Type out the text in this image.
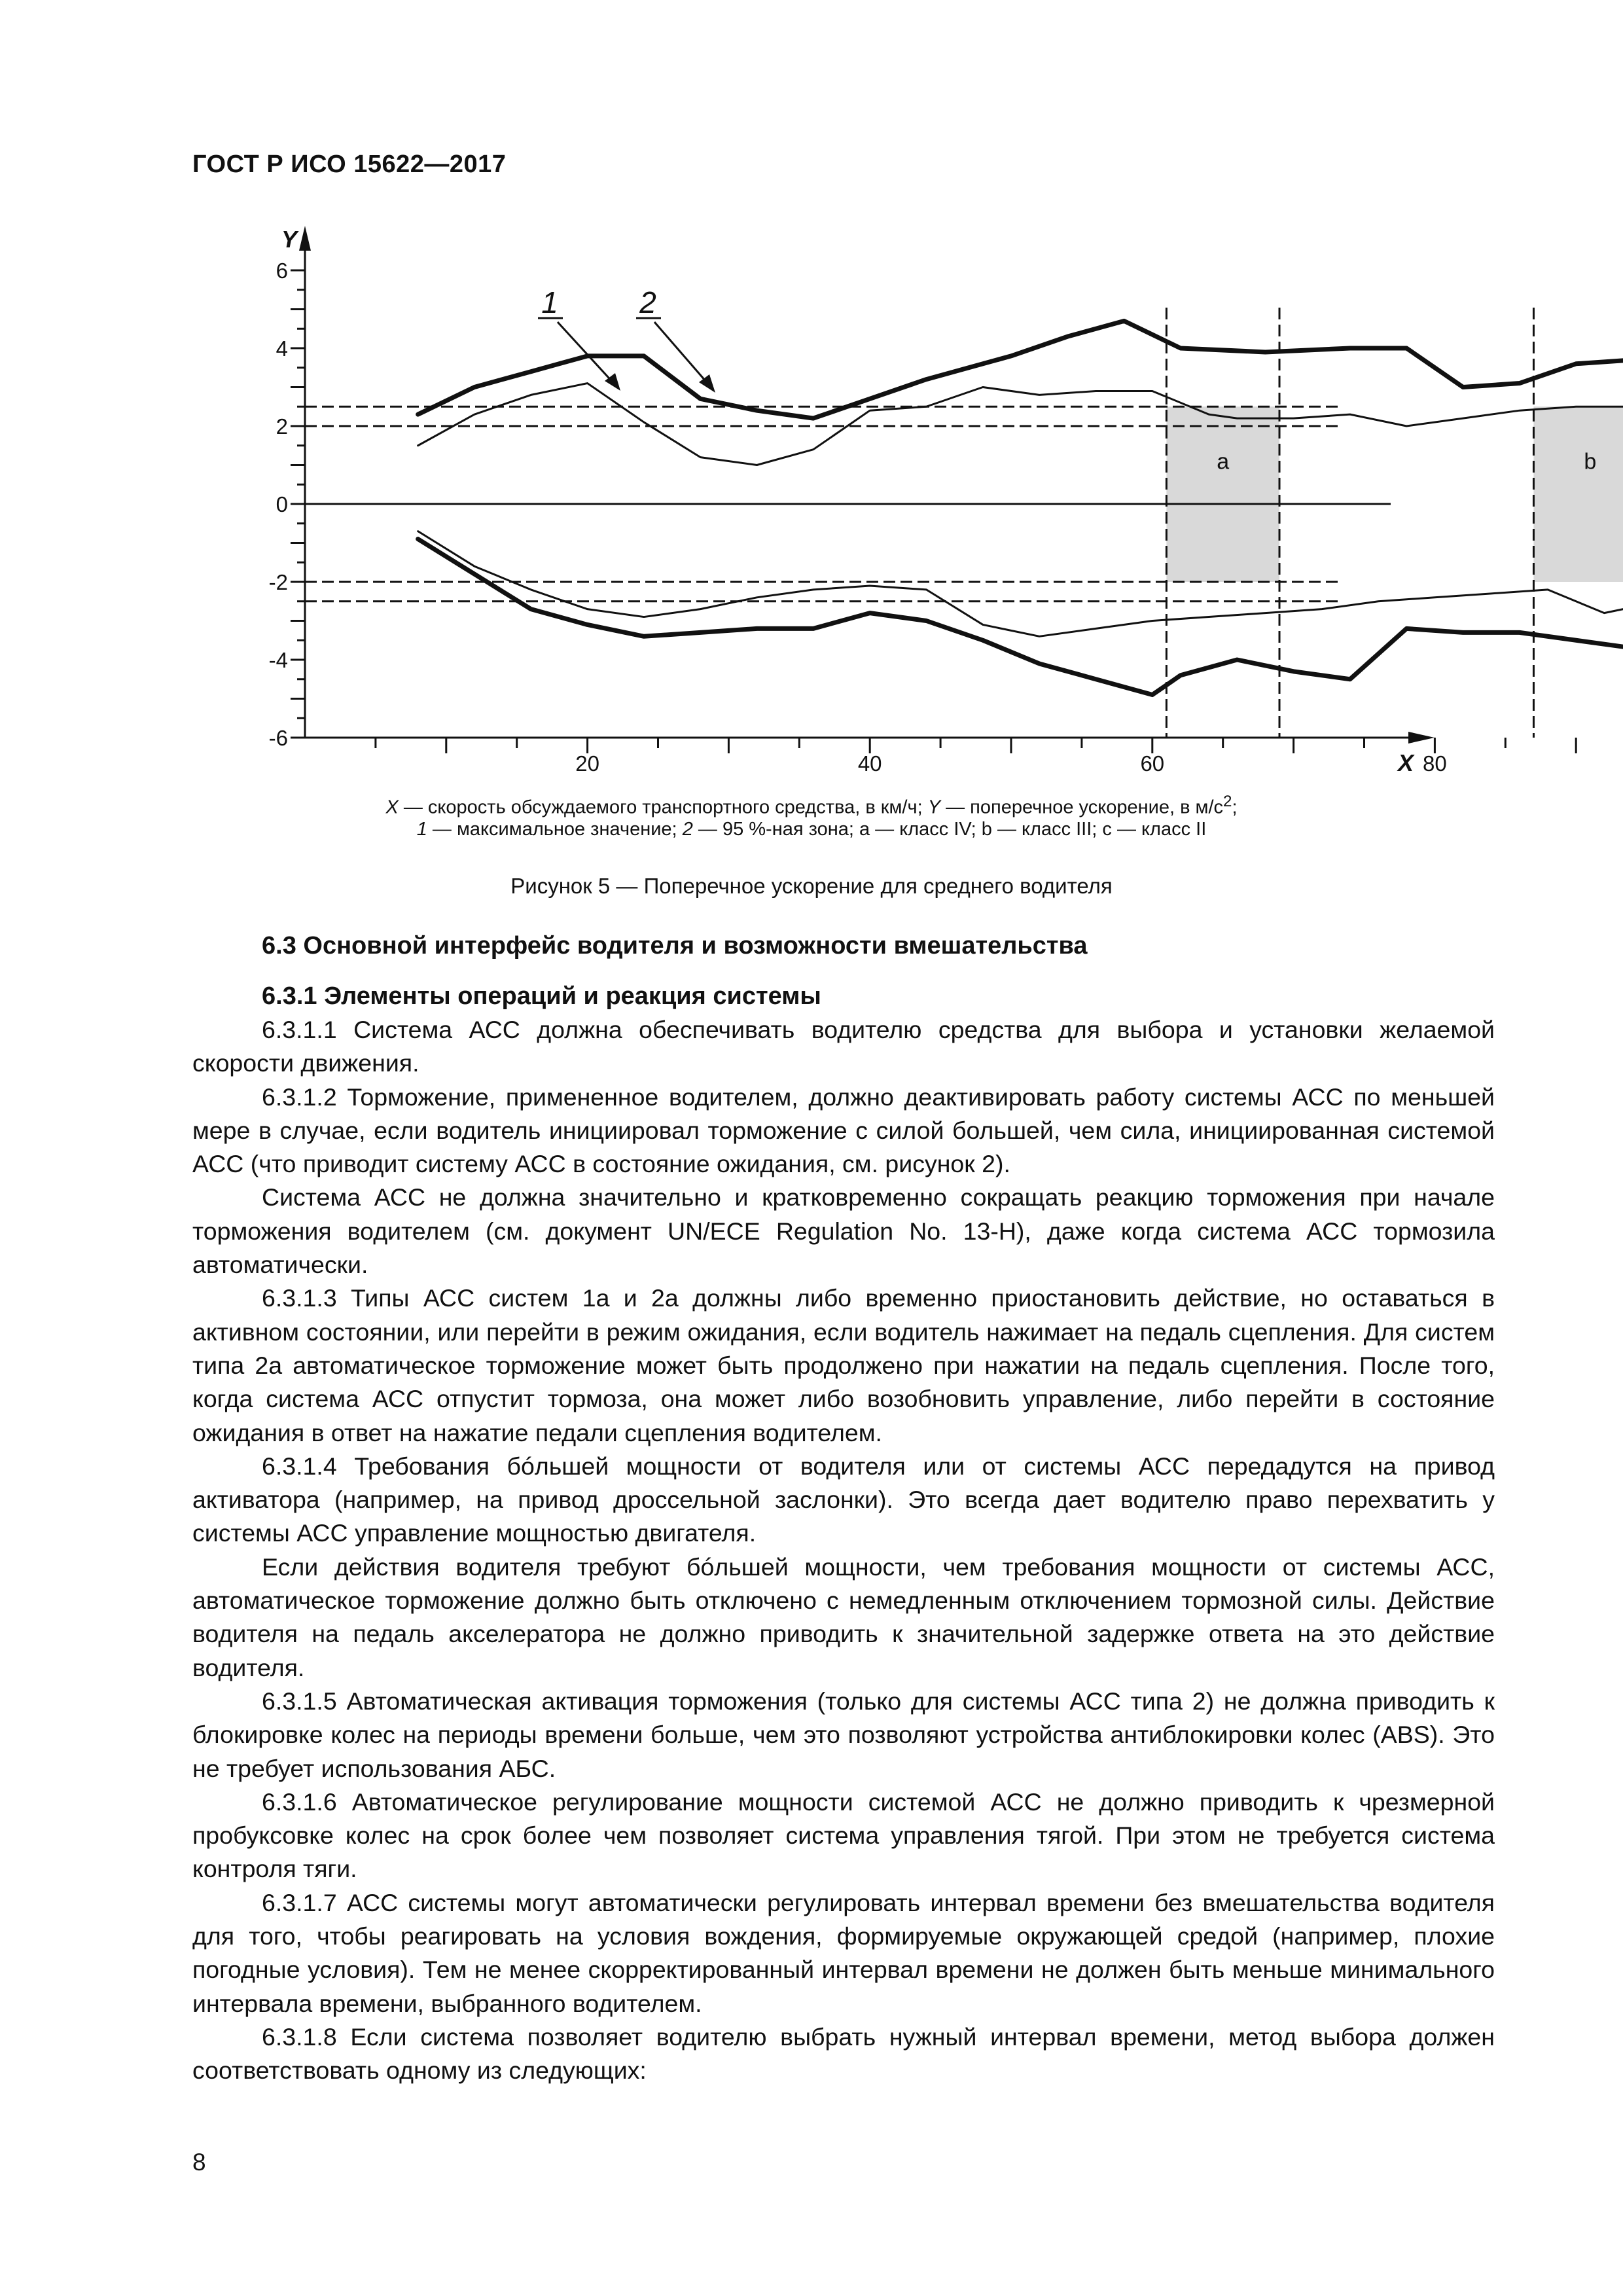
ГОСТ Р ИСО 15622—2017
a	b
Y
X
6
4
2
0
-2
-4
-6
20	40	60	80
1	2
X — скорость обсуждаемого транспортного средства, в км/ч; Y — поперечное ускорение, в $м/с^2$;
1 — максимальное значение; 2 — 95 %-ная зона; а — класс IV; b — класс III; c — класс II
Рисунок 5 — Поперечное ускорение для среднего водителя
6.3 Основной интерфейс водителя и возможности вмешательства
6.3.1 Элементы операций и реакция системы

6.3.1.1 Система АСС должна обеспечивать водителю средства для выбора и установки желаемой скорости движения.

6.3.1.2 Торможение, примененное водителем, должно деактивировать работу системы АСС по меньшей мере в случае, если водитель инициировал торможение с силой большей, чем сила, инициированная системой АСС (что приводит систему АСС в состояние ожидания, см. рисунок 2).

Система АСС не должна значительно и кратковременно сокращать реакцию торможения при начале торможения водителем (см. документ UN/ECE Regulation No. 13-H), даже когда система АСС тормозила автоматически.

6.3.1.3 Типы АСС систем 1а и 2а должны либо временно приостановить действие, но оставаться в активном состоянии, или перейти в режим ожидания, если водитель нажимает на педаль сцепления. Для систем типа 2а автоматическое торможение может быть продолжено при нажатии на педаль сцепления. После того, когда система АСС отпустит тормоза, она может либо возобновить управление, либо перейти в состояние ожидания в ответ на нажатие педали сцепления водителем.

6.3.1.4 Требования бóльшей мощности от водителя или от системы АСС передадутся на привод активатора (например, на привод дроссельной заслонки). Это всегда дает водителю право перехватить у системы АСС управление мощностью двигателя.

Если действия водителя требуют бóльшей мощности, чем требования мощности от системы АСС, автоматическое торможение должно быть отключено с немедленным отключением тормозной силы. Действие водителя на педаль акселератора не должно приводить к значительной задержке ответа на это действие водителя.

6.3.1.5 Автоматическая активация торможения (только для системы АСС типа 2) не должна приводить к блокировке колес на периоды времени больше, чем это позволяют устройства антиблокировки колес (ABS). Это не требует использования АБС.

6.3.1.6 Автоматическое регулирование мощности системой АСС не должно приводить к чрезмерной пробуксовке колес на срок более чем позволяет система управления тягой. При этом не требуется система контроля тяги.

6.3.1.7 АСС системы могут автоматически регулировать интервал времени без вмешательства водителя для того, чтобы реагировать на условия вождения, формируемые окружающей средой (например, плохие погодные условия). Тем не менее скорректированный интервал времени не должен быть меньше минимального интервала времени, выбранного водителем.

6.3.1.8 Если система позволяет водителю выбрать нужный интервал времени, метод выбора должен соответствовать одному из следующих:

8
